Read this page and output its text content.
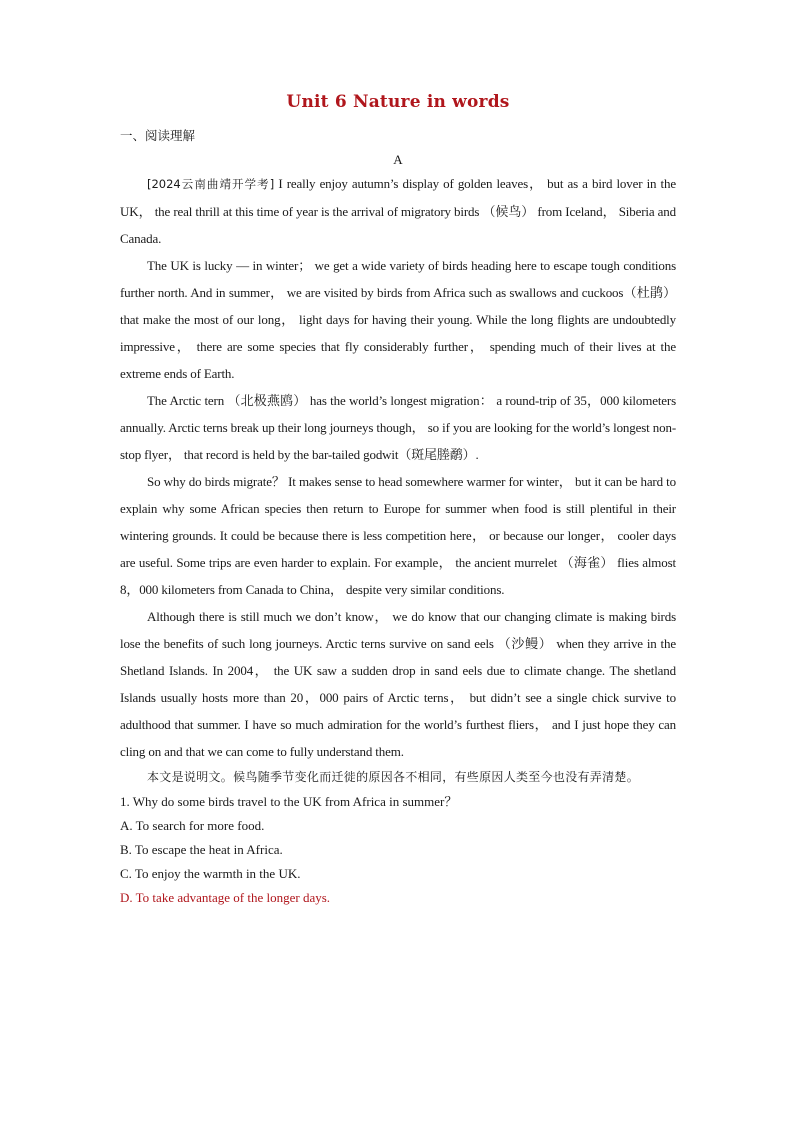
Unit 6 Nature in words
一、阅读理解
A

[2024云南曲靖开学考] I really enjoy autumn’s display of golden leaves， but as a bird lover in the UK， the real thrill at this time of year is the arrival of migratory birds （候鸟） from Iceland， Siberia and Canada.

The UK is lucky — in winter； we get a wide variety of birds heading here to escape tough conditions further north. And in summer， we are visited by birds from Africa such as swallows and cuckoos（杜鹃） that make the most of our long， light days for having their young. While the long flights are undoubtedly impressive， there are some species that fly considerably further， spending much of their lives at the extreme ends of Earth.

The Arctic tern （北极燕鸥） has the world’s longest migration： a round-trip of 35，000 kilometers annually. Arctic terns break up their long journeys though， so if you are looking for the world’s longest non-stop flyer， that record is held by the bar-tailed godwit（斑尾塍鹬）.

So why do birds migrate？ It makes sense to head somewhere warmer for winter， but it can be hard to explain why some African species then return to Europe for summer when food is still plentiful in their wintering grounds. It could be because there is less competition here， or because our longer， cooler days are useful. Some trips are even harder to explain. For example， the ancient murrelet （海雀） flies almost 8，000 kilometers from Canada to China， despite very similar conditions.

Although there is still much we don’t know， we do know that our changing climate is making birds lose the benefits of such long journeys. Arctic terns survive on sand eels （沙鳗） when they arrive in the Shetland Islands. In 2004， the UK saw a sudden drop in sand eels due to climate change. The shetland Islands usually hosts more than 20，000 pairs of Arctic terns， but didn’t see a single chick survive to adulthood that summer. I have so much admiration for the world’s furthest fliers， and I just hope they can cling on and that we can come to fully understand them.

本文是说明文。候鸟随季节变化而迁徙的原因各不相同，有些原因人类至今也没有弄清楚。

1. Why do some birds travel to the UK from Africa in summer？

A. To search for more food.

B. To escape the heat in Africa.

C. To enjoy the warmth in the UK.

D. To take advantage of the longer days.
